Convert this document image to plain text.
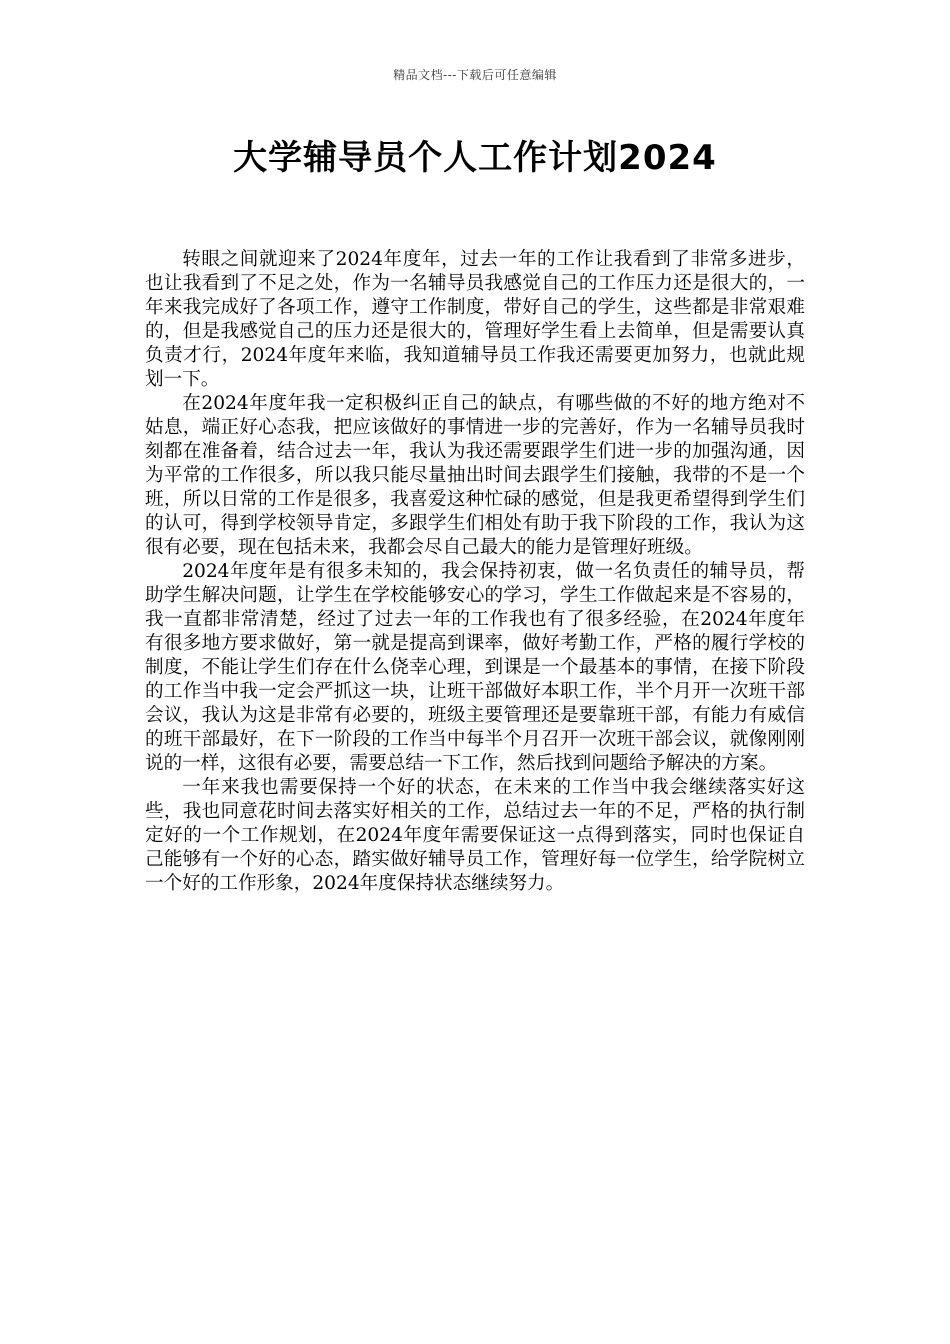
精品文档---下载后可任意编辑
大学辅导员个人工作计划2024

转眼之间就迎来了2024年度年，过去一年的工作让我看到了非常多进步，也让我看到了不足之处，作为一名辅导员我感觉自己的工作压力还是很大的，一年来我完成好了各项工作，遵守工作制度，带好自己的学生，这些都是非常艰难的，但是我感觉自己的压力还是很大的，管理好学生看上去简单，但是需要认真负责才行，2024年度年来临，我知道辅导员工作我还需要更加努力，也就此规划一下。

在2024年度年我一定积极纠正自己的缺点，有哪些做的不好的地方绝对不姑息，端正好心态我，把应该做好的事情进一步的完善好，作为一名辅导员我时刻都在准备着，结合过去一年，我认为我还需要跟学生们进一步的加强沟通，因为平常的工作很多，所以我只能尽量抽出时间去跟学生们接触，我带的不是一个班，所以日常的工作是很多，我喜爱这种忙碌的感觉，但是我更希望得到学生们的认可，得到学校领导肯定，多跟学生们相处有助于我下阶段的工作，我认为这很有必要，现在包括未来，我都会尽自己最大的能力是管理好班级。

2024年度年是有很多未知的，我会保持初衷，做一名负责任的辅导员，帮助学生解决问题，让学生在学校能够安心的学习，学生工作做起来是不容易的，我一直都非常清楚，经过了过去一年的工作我也有了很多经验，在2024年度年有很多地方要求做好，第一就是提高到课率，做好考勤工作，严格的履行学校的制度，不能让学生们存在什么侥幸心理，到课是一个最基本的事情，在接下阶段的工作当中我一定会严抓这一块，让班干部做好本职工作，半个月开一次班干部会议，我认为这是非常有必要的，班级主要管理还是要靠班干部，有能力有威信的班干部最好，在下一阶段的工作当中每半个月召开一次班干部会议，就像刚刚说的一样，这很有必要，需要总结一下工作，然后找到问题给予解决的方案。

一年来我也需要保持一个好的状态，在未来的工作当中我会继续落实好这些，我也同意花时间去落实好相关的工作，总结过去一年的不足，严格的执行制定好的一个工作规划，在2024年度年需要保证这一点得到落实，同时也保证自己能够有一个好的心态，踏实做好辅导员工作，管理好每一位学生，给学院树立一个好的工作形象，2024年度保持状态继续努力。
